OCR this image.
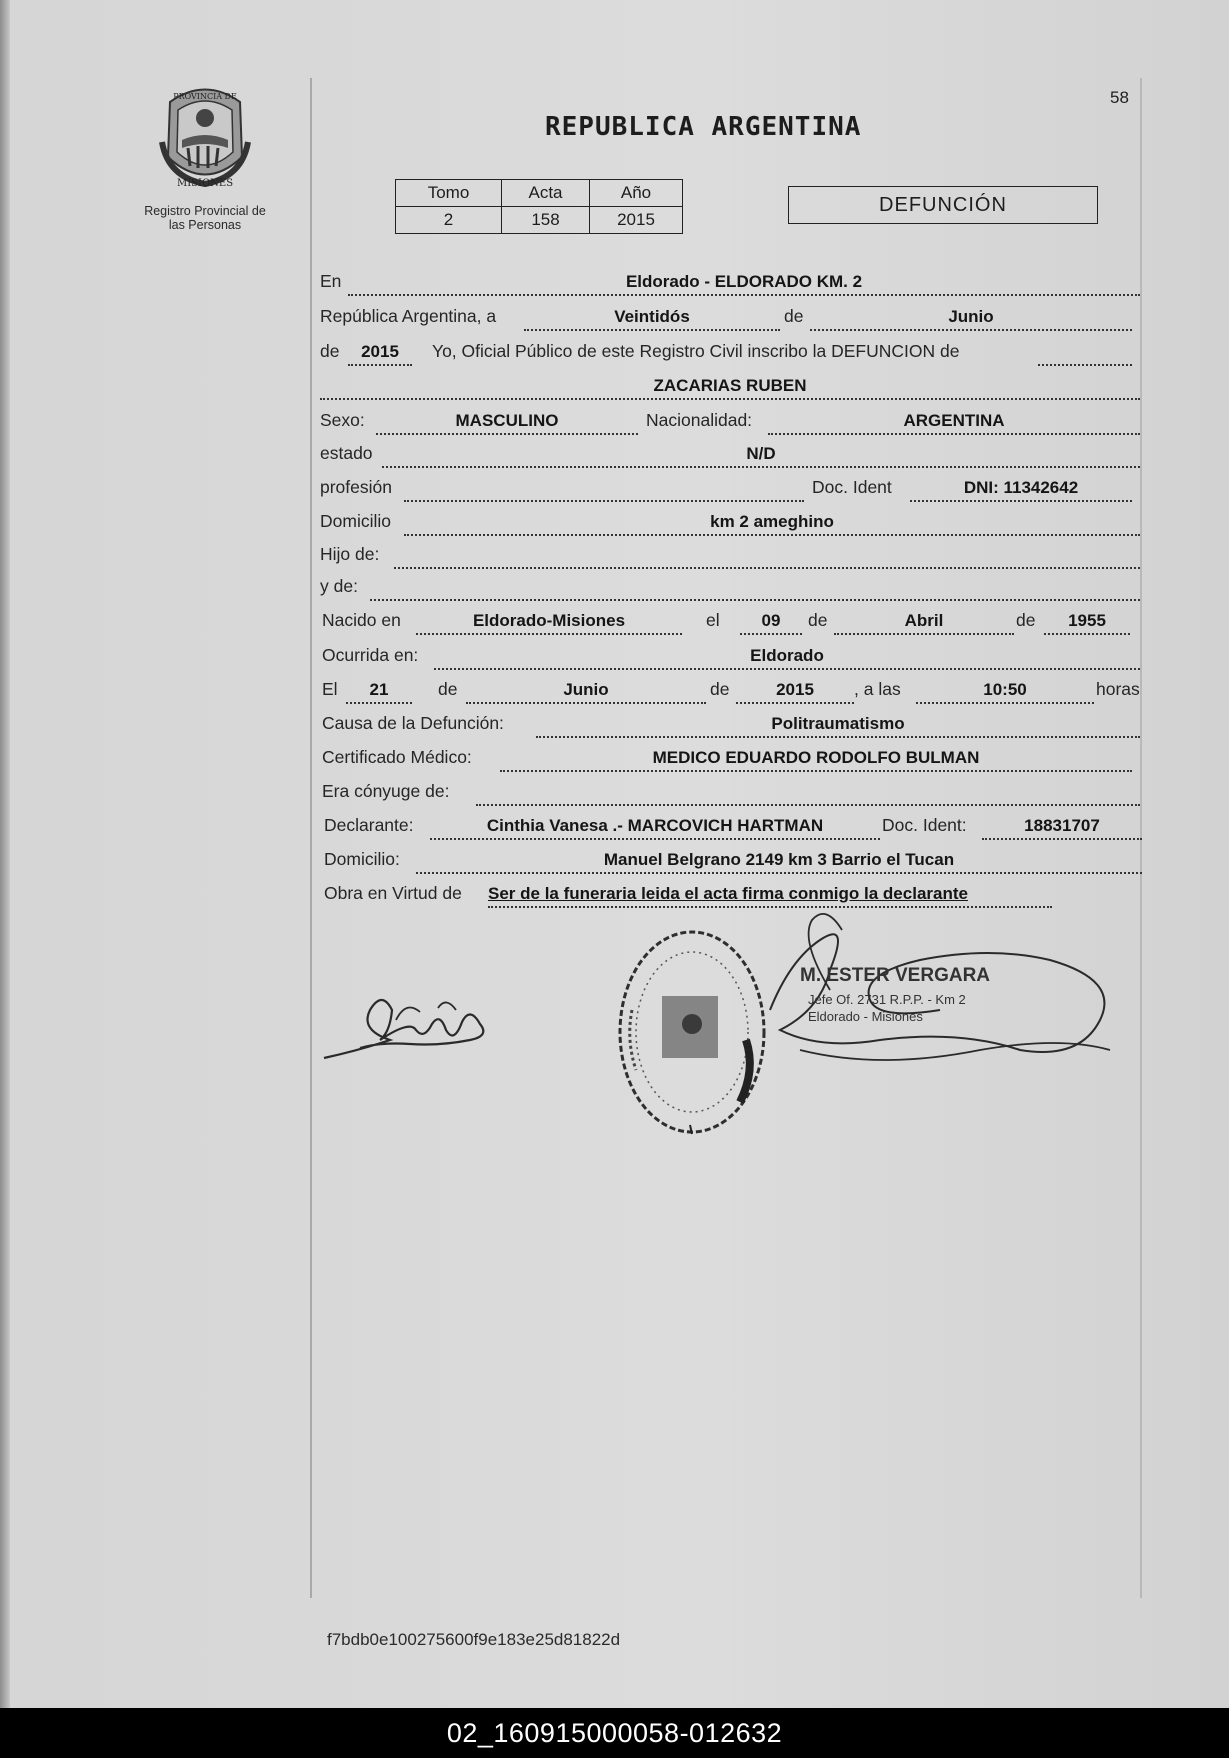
58
PROVINCIA DE
MISIONES
Registro Provincial de
las Personas
REPUBLICA ARGENTINA
Tomo	Acta	Año
2	158	2015
DEFUNCIÓN
En	Eldorado - ELDORADO KM. 2
República Argentina, a	Veintidós	de	Junio
de	2015	Yo, Oficial Público de este Registro Civil inscribo la DEFUNCION de
ZACARIAS RUBEN
Sexo:	MASCULINO	Nacionalidad:	ARGENTINA
estado	N/D
profesión	Doc. Ident	DNI: 11342642
Domicilio	km 2 ameghino
Hijo de:
y de:
Nacido en	Eldorado-Misiones	el	09	de	Abril	de	1955
Ocurrida en:	Eldorado
El	21	de	Junio	de	2015	, a las	10:50	horas
Causa de la Defunción:	Politraumatismo
Certificado Médico:	MEDICO EDUARDO RODOLFO BULMAN
Era cónyuge de:
Declarante:	Cinthia Vanesa .- MARCOVICH HARTMAN	Doc. Ident:	18831707
Domicilio:	Manuel Belgrano 2149 km 3 Barrio el Tucan
Obra en Virtud de Ser de la funeraria leida el acta firma conmigo la declarante
M. ESTER VERGARA
Jefe Of. 2731 R.P.P. - Km 2
Eldorado - Misiones
f7bdb0e100275600f9e183e25d81822d
02_160915000058-012632
